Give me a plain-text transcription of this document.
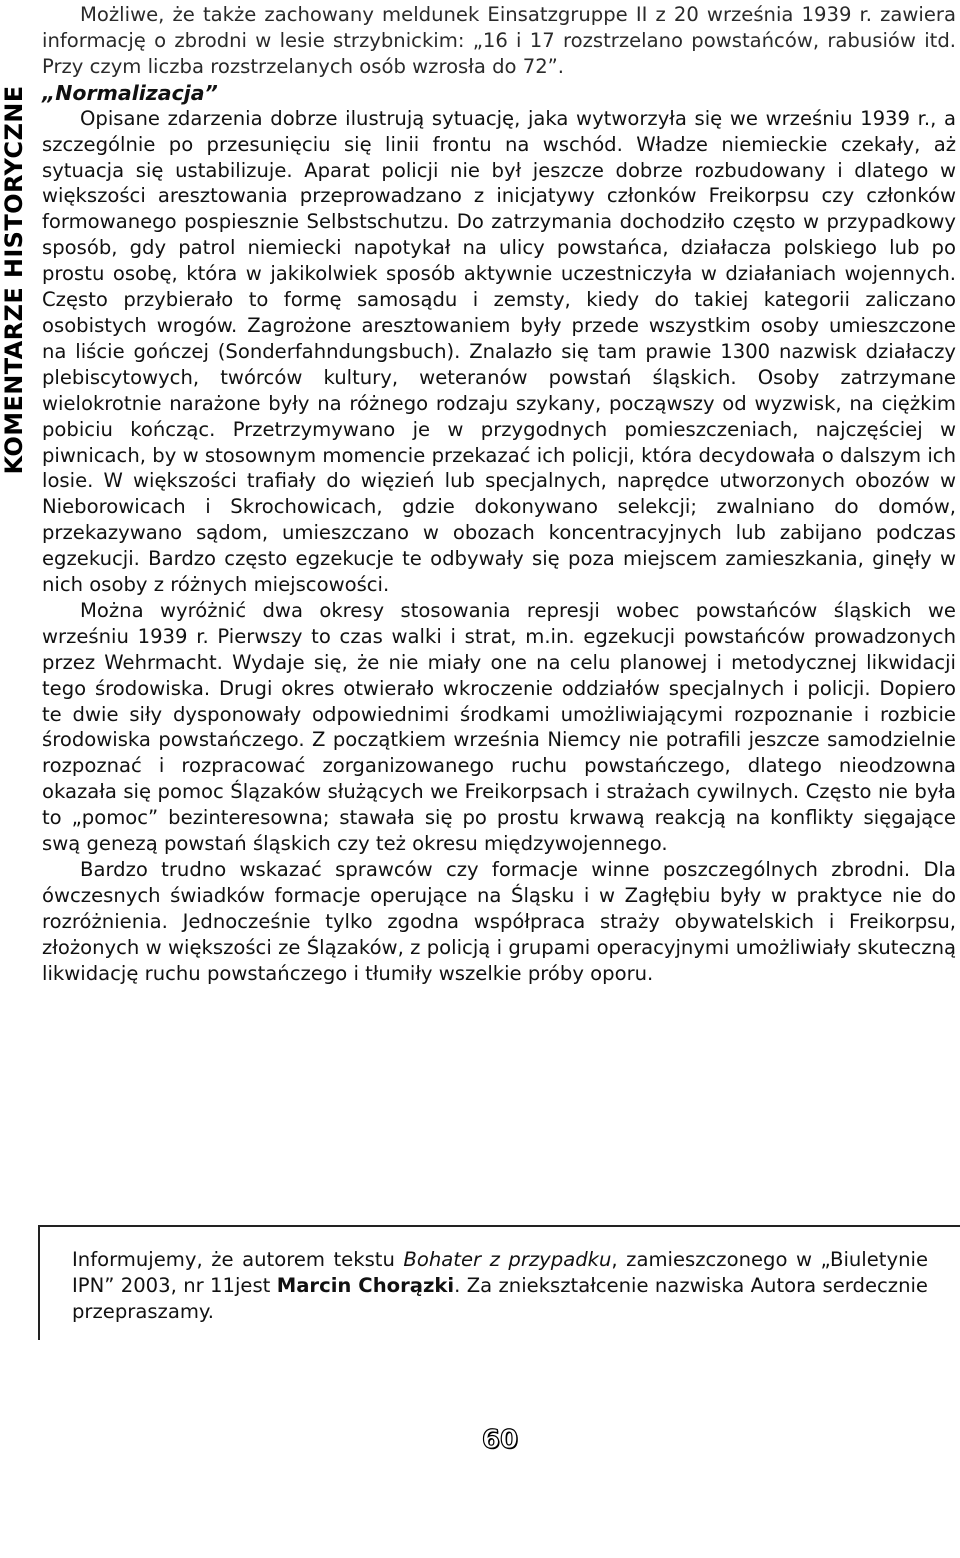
KOMENTARZE HISTORYCZNE

Możliwe, że także zachowany meldunek Einsatzgruppe II z 20 września 1939 r. zawiera informację o zbrodni w lesie strzybnickim: „16 i 17 rozstrzelano powstańców, rabusiów itd. Przy czym liczba rozstrzelanych osób wzrosła do 72”.

„Normalizacja”

Opisane zdarzenia dobrze ilustrują sytuację, jaka wytworzyła się we wrześniu 1939 r., a szczególnie po przesunięciu się linii frontu na wschód. Władze niemieckie czekały, aż sytuacja się ustabilizuje. Aparat policji nie był jeszcze dobrze rozbudowany i dlatego w większości aresztowania przeprowadzano z inicjatywy członków Freikorpsu czy członków formowanego pospiesznie Selbstschutzu. Do zatrzymania dochodziło często w przypadkowy sposób, gdy patrol niemiecki napotykał na ulicy powstańca, działacza polskiego lub po prostu osobę, która w jakikolwiek sposób aktywnie uczestniczyła w działaniach wojennych. Często przybierało to formę samosądu i zemsty, kiedy do takiej kategorii zaliczano osobistych wrogów. Zagrożone aresztowaniem były przede wszystkim osoby umieszczone na liście gończej (Sonderfahndungsbuch). Znalazło się tam prawie 1300 nazwisk działaczy plebiscytowych, twórców kultury, weteranów powstań śląskich. Osoby zatrzymane wielokrotnie narażone były na różnego rodzaju szykany, począwszy od wyzwisk, na ciężkim pobiciu kończąc. Przetrzymywano je w przygodnych pomieszczeniach, najczęściej w piwnicach, by w stosownym momencie przekazać ich policji, która decydowała o dalszym ich losie. W większości trafiały do więzień lub specjalnych, naprędce utworzonych obozów w Nieborowicach i Skrochowicach, gdzie dokonywano selekcji; zwalniano do domów, przekazywano sądom, umieszczano w obozach koncentracyjnych lub zabijano podczas egzekucji. Bardzo często egzekucje te odbywały się poza miejscem zamieszkania, ginęły w nich osoby z różnych miejscowości.

Można wyróżnić dwa okresy stosowania represji wobec powstańców śląskich we wrześniu 1939 r. Pierwszy to czas walki i strat, m.in. egzekucji powstańców prowadzonych przez Wehrmacht. Wydaje się, że nie miały one na celu planowej i metodycznej likwidacji tego środowiska. Drugi okres otwierało wkroczenie oddziałów specjalnych i policji. Dopiero te dwie siły dysponowały odpowiednimi środkami umożliwiającymi rozpoznanie i rozbicie środowiska powstańczego. Z początkiem września Niemcy nie potrafili jeszcze samodzielnie rozpoznać i rozpracować zorganizowanego ruchu powstańczego, dlatego nieodzowna okazała się pomoc Ślązaków służących we Freikorpsach i strażach cywilnych. Często nie była to „pomoc” bezinteresowna; stawała się po prostu krwawą reakcją na konflikty sięgające swą genezą powstań śląskich czy też okresu międzywojennego.

Bardzo trudno wskazać sprawców czy formacje winne poszczególnych zbrodni. Dla ówczesnych świadków formacje operujące na Śląsku i w Zagłębiu były w praktyce nie do rozróżnienia. Jednocześnie tylko zgodna współpraca straży obywatelskich i Freikorpsu, złożonych w większości ze Ślązaków, z policją i grupami operacyjnymi umożliwiały skuteczną likwidację ruchu powstańczego i tłumiły wszelkie próby oporu.

Informujemy, że autorem tekstu Bohater z przypadku, zamieszczonego w „Biuletynie IPN” 2003, nr 11jest Marcin Chorązki. Za zniekształcenie nazwiska Autora serdecznie przepraszamy.
60
